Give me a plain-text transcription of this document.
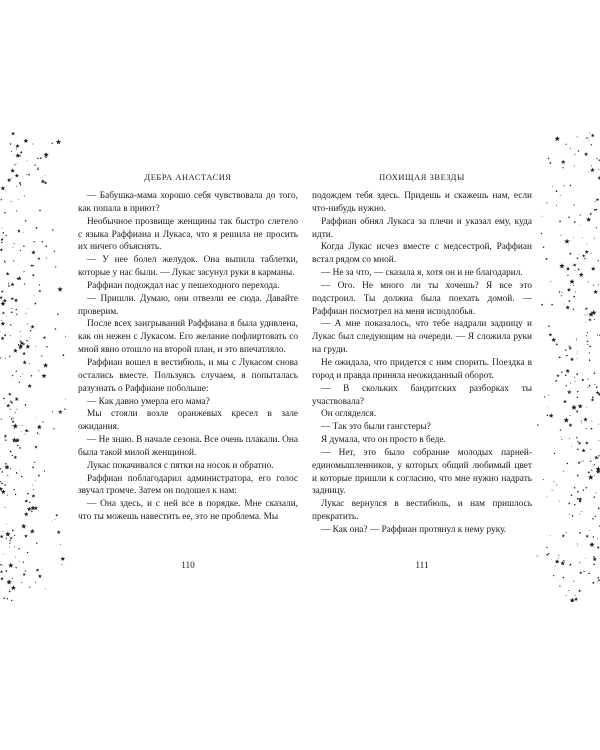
ДЕБРА АНАСТАСИЯ

— Бабушка-мама хорошо себя чувствовала до того, как попала в приют?

Необычное прозвище женщины так быстро слетело с языка Раффиана и Лукаса, что я решила не просить их ничего объяснять.

— У нее болел желудок. Она выпила таблетки, которые у нас были. — Лукас засунул руки в карманы.

Раффиан подождал нас у пешеходного перехода.

— Пришли. Думаю, они отвезли ее сюда. Давайте проверим.

После всех заигрываний Раффиана я была удивлена, как он нежен с Лукасом. Его желание пофлиртовать со мной явно отошло на второй план, и это впечатляло.

Раффиан вошел в вестибюль, и мы с Лукасом снова остались вместе. Пользуясь случаем, я попыталась разузнать о Раффиане побольше:

— Как давно умерла его мама?

Мы стояли возле оранжевых кресел в зале ожидания.

— Не знаю. В начале сезона. Все очень плакали. Она была такой милой женщиной.

Лукас покачивался с пятки на носок и обратно.

Раффиан поблагодарил администратора, его голос звучал громче. Затем он подошел к нам:

— Она здесь, и с ней все в порядке. Мне сказали, что ты можешь навестить ее, это не проблема. Мы

110
ПОХИЩАЯ ЗВЕЗДЫ

подождем тебя здесь. Придешь и скажешь нам, если что-нибудь нужно.

Раффиан обнял Лукаса за плечи и указал ему, куда идти.

Когда Лукас исчез вместе с медсестрой, Раффиан встал рядом со мной.

— Не за что, — сказала я, хотя он и не благодарил.

— Ого. Не много ли ты хочешь? Я все это подстроил. Ты должна была поехать домой. — Раффиан посмотрел на меня исподлобья.

— А мне показалось, что тебе надрали задницу и Лукас был следующим на очереди. — Я сложила руки на груди.

Не ожидала, что придется с ним спорить. Поездка в город и правда приняла неожиданный оборот.

— В скольких бандитских разборках ты участвовала?

Он огляделся.

— Так это были гангстеры?

Я думала, что он просто в беде.

— Нет, это было собрание молодых парней-единомышленников, у которых общий любимый цвет и которые пришли к согласию, что мне нужно надрать задницу.

Лукас вернулся в вестибюль, и нам пришлось прекратить.

— Как она? — Раффиан протянул к нему руку.

111
